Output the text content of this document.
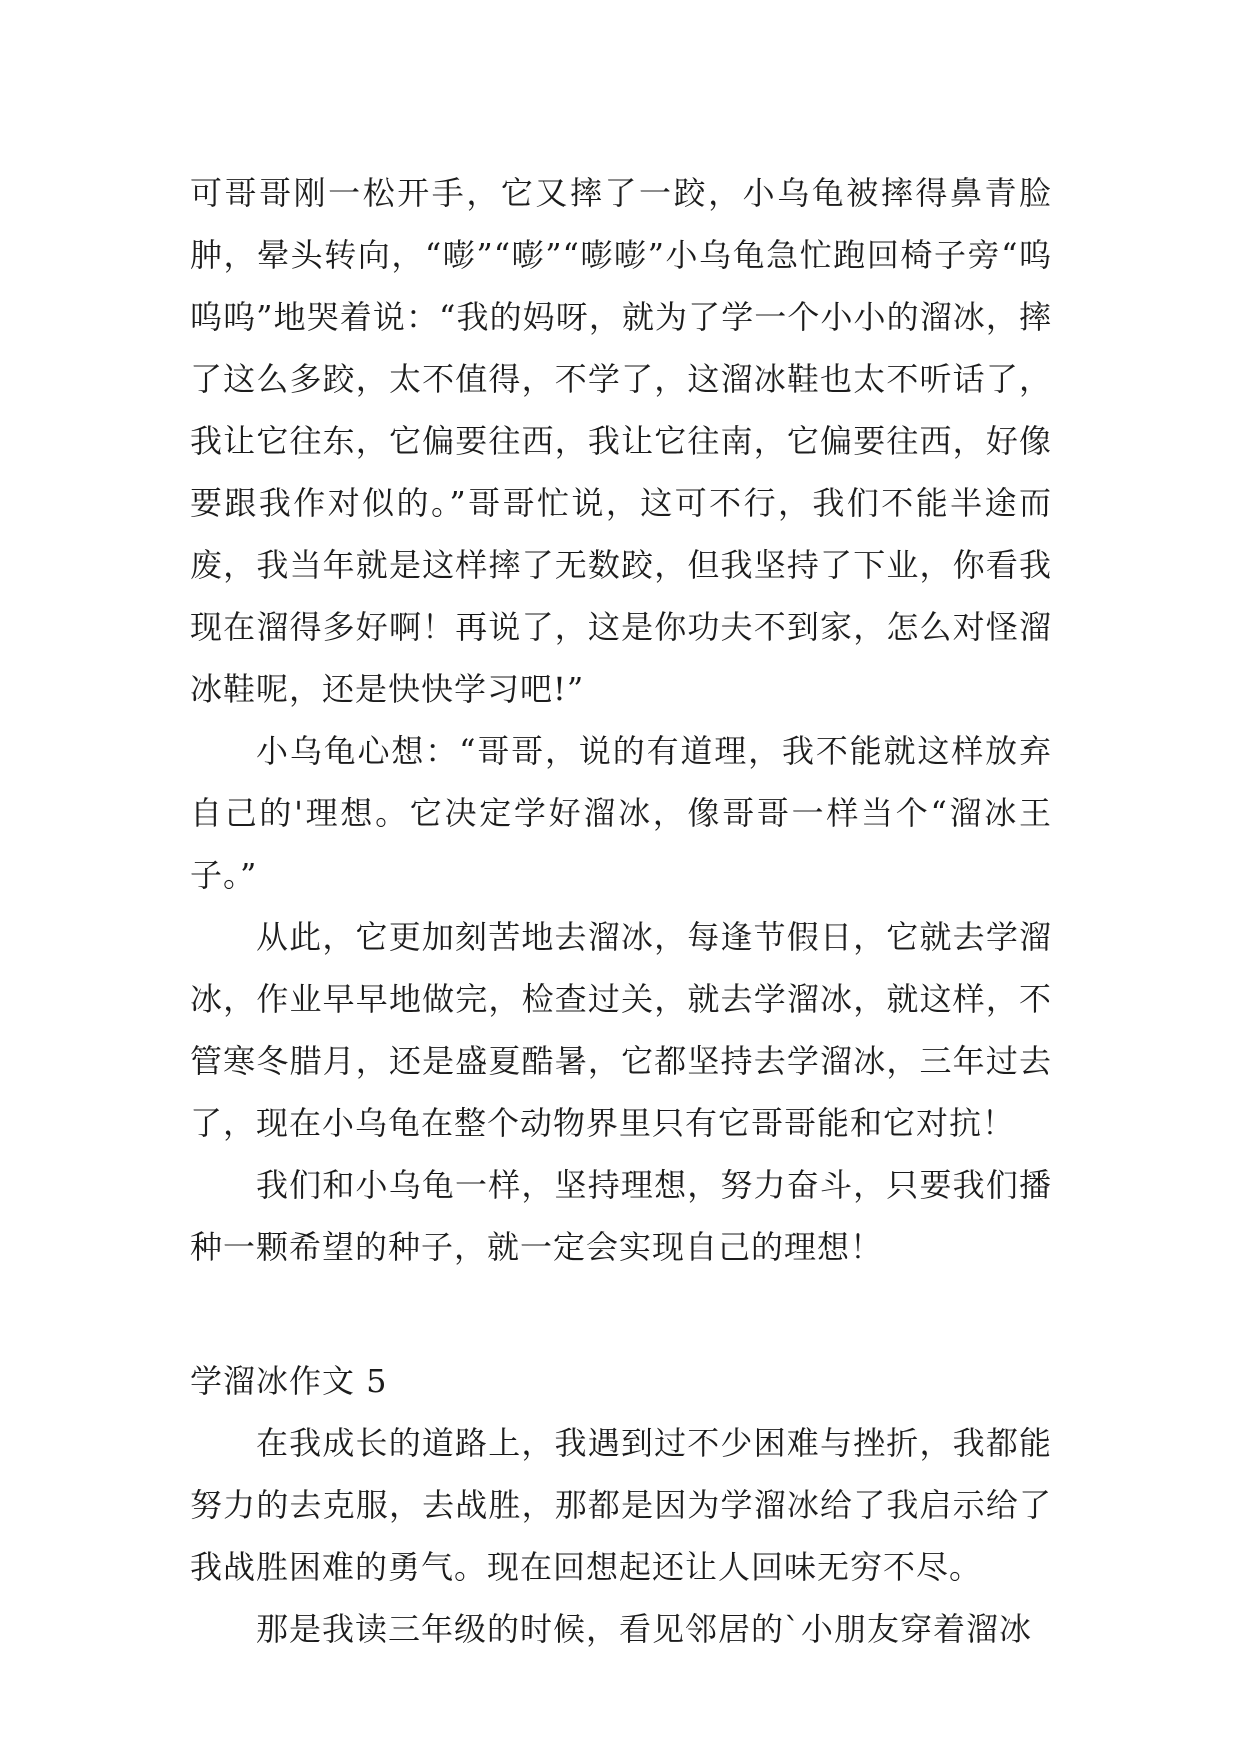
可哥哥刚一松开手，它又摔了一跤，小乌龟被摔得鼻青脸肿，晕头转向，“嘭”“嘭”“嘭嘭”小乌龟急忙跑回椅子旁“呜呜呜”地哭着说：“我的妈呀，就为了学一个小小的溜冰，摔了这么多跤，太不值得，不学了，这溜冰鞋也太不听话了，我让它往东，它偏要往西，我让它往南，它偏要往西，好像要跟我作对似的。”哥哥忙说，这可不行，我们不能半途而废，我当年就是这样摔了无数跤，但我坚持了下业，你看我现在溜得多好啊！再说了，这是你功夫不到家，怎么对怪溜冰鞋呢，还是快快学习吧!”

小乌龟心想：“哥哥，说的有道理，我不能就这样放弃自己的'理想。它决定学好溜冰，像哥哥一样当个“溜冰王子。”

从此，它更加刻苦地去溜冰，每逢节假日，它就去学溜冰，作业早早地做完，检查过关，就去学溜冰，就这样，不管寒冬腊月，还是盛夏酷暑，它都坚持去学溜冰，三年过去了，现在小乌龟在整个动物界里只有它哥哥能和它对抗！

我们和小乌龟一样，坚持理想，努力奋斗，只要我们播种一颗希望的种子，就一定会实现自己的理想！

学溜冰作文 5

在我成长的道路上，我遇到过不少困难与挫折，我都能努力的去克服，去战胜，那都是因为学溜冰给了我启示给了我战胜困难的勇气。现在回想起还让人回味无穷不尽。

那是我读三年级的时候，看见邻居的`小朋友穿着溜冰
